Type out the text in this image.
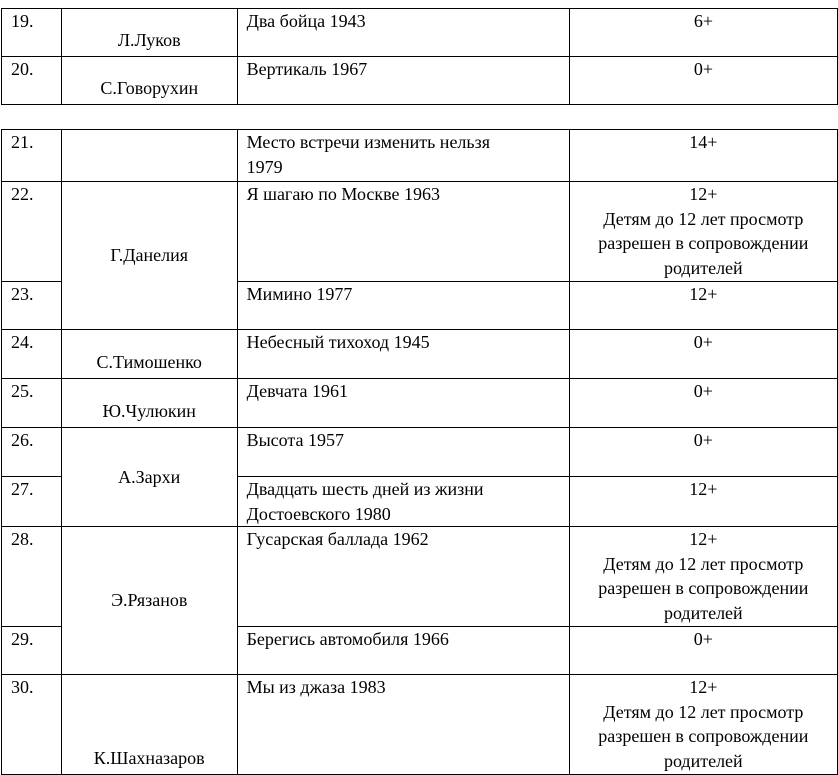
19.	Л.Луков	Два бойца 1943	6+
20.	С.Говорухин	Вертикаль 1967	0+
21.		Место встречи изменить нельзя
1979	14+

22.	Г.Данелия	Я шагаю по Москве 1963	12+
Детям до 12 лет просмотр
разрешен в сопровождении
родителей

23.		Мимино 1977	12+

24.	С.Тимошенко	Небесный тихоход 1945	0+

25.	Ю.Чулюкин	Девчата 1961	0+

26.	А.Зархи	Высота 1957	0+

27.		Двадцать шесть дней из жизни
Достоевского 1980	12+

28.	Э.Рязанов	Гусарская баллада 1962	12+
Детям до 12 лет просмотр
разрешен в сопровождении
родителей

29.		Берегись автомобиля 1966	0+

30.	К.Шахназаров	Мы из джаза 1983	12+
Детям до 12 лет просмотр
разрешен в сопровождении
родителей
